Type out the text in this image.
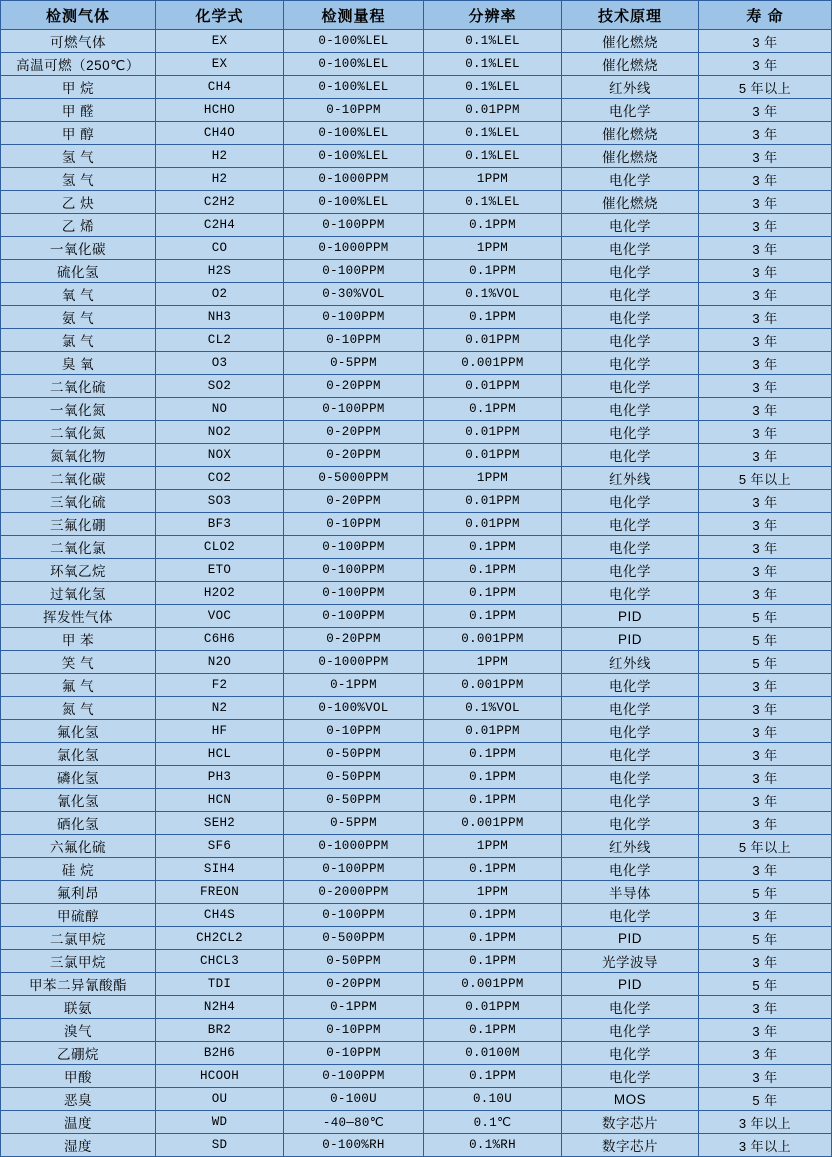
检测气体	化学式	检测量程	分辨率	技术原理	寿 命
可燃气体	EX	0-100%LEL	0.1%LEL	催化燃烧	3 年
高温可燃（250℃）	EX	0-100%LEL	0.1%LEL	催化燃烧	3 年
甲 烷	CH4	0-100%LEL	0.1%LEL	红外线	5 年以上
甲 醛	HCHO	0-10PPM	0.01PPM	电化学	3 年
甲 醇	CH4O	0-100%LEL	0.1%LEL	催化燃烧	3 年
氢 气	H2	0-100%LEL	0.1%LEL	催化燃烧	3 年
氢 气	H2	0-1000PPM	1PPM	电化学	3 年
乙 炔	C2H2	0-100%LEL	0.1%LEL	催化燃烧	3 年
乙 烯	C2H4	0-100PPM	0.1PPM	电化学	3 年
一氧化碳	CO	0-1000PPM	1PPM	电化学	3 年
硫化氢	H2S	0-100PPM	0.1PPM	电化学	3 年
氧 气	O2	0-30%VOL	0.1%VOL	电化学	3 年
氨 气	NH3	0-100PPM	0.1PPM	电化学	3 年
氯 气	CL2	0-10PPM	0.01PPM	电化学	3 年
臭 氧	O3	0-5PPM	0.001PPM	电化学	3 年
二氧化硫	SO2	0-20PPM	0.01PPM	电化学	3 年
一氧化氮	NO	0-100PPM	0.1PPM	电化学	3 年
二氧化氮	NO2	0-20PPM	0.01PPM	电化学	3 年
氮氧化物	NOX	0-20PPM	0.01PPM	电化学	3 年
二氧化碳	CO2	0-5000PPM	1PPM	红外线	5 年以上
三氧化硫	SO3	0-20PPM	0.01PPM	电化学	3 年
三氟化硼	BF3	0-10PPM	0.01PPM	电化学	3 年
二氧化氯	CLO2	0-100PPM	0.1PPM	电化学	3 年
环氧乙烷	ETO	0-100PPM	0.1PPM	电化学	3 年
过氧化氢	H2O2	0-100PPM	0.1PPM	电化学	3 年
挥发性气体	VOC	0-100PPM	0.1PPM	PID	5 年
甲 苯	C6H6	0-20PPM	0.001PPM	PID	5 年
笑 气	N2O	0-1000PPM	1PPM	红外线	5 年
氟 气	F2	0-1PPM	0.001PPM	电化学	3 年
氮 气	N2	0-100%VOL	0.1%VOL	电化学	3 年
氟化氢	HF	0-10PPM	0.01PPM	电化学	3 年
氯化氢	HCL	0-50PPM	0.1PPM	电化学	3 年
磷化氢	PH3	0-50PPM	0.1PPM	电化学	3 年
氰化氢	HCN	0-50PPM	0.1PPM	电化学	3 年
硒化氢	SEH2	0-5PPM	0.001PPM	电化学	3 年
六氟化硫	SF6	0-1000PPM	1PPM	红外线	5 年以上
硅 烷	SIH4	0-100PPM	0.1PPM	电化学	3 年
氟利昂	FREON	0-2000PPM	1PPM	半导体	5 年
甲硫醇	CH4S	0-100PPM	0.1PPM	电化学	3 年
二氯甲烷	CH2CL2	0-500PPM	0.1PPM	PID	5 年
三氯甲烷	CHCL3	0-50PPM	0.1PPM	光学波导	3 年
甲苯二异氰酸酯	TDI	0-20PPM	0.001PPM	PID	5 年
联氨	N2H4	0-1PPM	0.01PPM	电化学	3 年
溴气	BR2	0-10PPM	0.1PPM	电化学	3 年
乙硼烷	B2H6	0-10PPM	0.0100M	电化学	3 年
甲酸	HCOOH	0-100PPM	0.1PPM	电化学	3 年
恶臭	OU	0-100U	0.10U	MOS	5 年
温度	WD	-40—80℃	0.1℃	数字芯片	3 年以上
湿度	SD	0-100%RH	0.1%RH	数字芯片	3 年以上
